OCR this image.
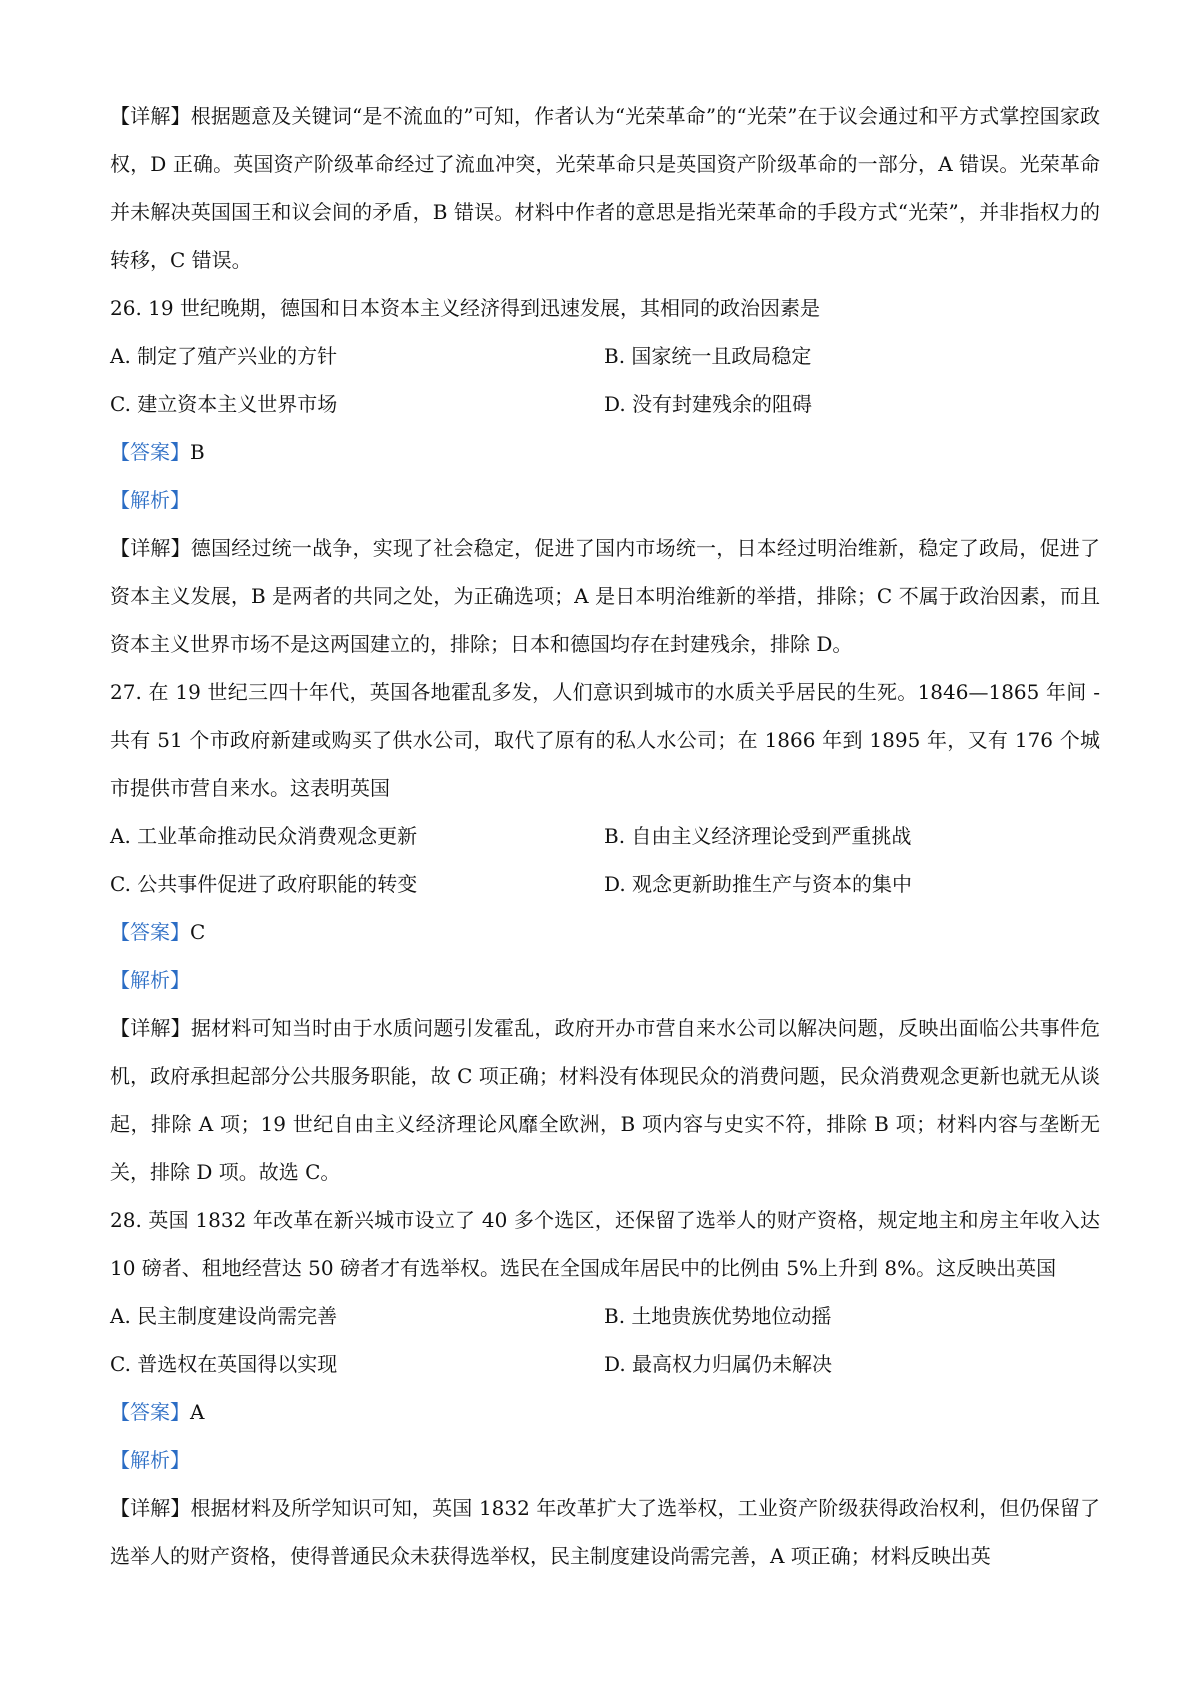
【详解】根据题意及关键词“是不流血的”可知，作者认为“光荣革命”的“光荣”在于议会通过和平方式掌控国家政权，D 正确。英国资产阶级革命经过了流血冲突，光荣革命只是英国资产阶级革命的一部分，A 错误。光荣革命并未解决英国国王和议会间的矛盾，B 错误。材料中作者的意思是指光荣革命的手段方式“光荣”，并非指权力的转移，C 错误。

26. 19 世纪晚期，德国和日本资本主义经济得到迅速发展，其相同的政治因素是

A. 制定了殖产兴业的方针	B. 国家统一且政局稳定
C. 建立资本主义世界市场	D. 没有封建残余的阻碍

【答案】B

【解析】

【详解】德国经过统一战争，实现了社会稳定，促进了国内市场统一，日本经过明治维新，稳定了政局，促进了资本主义发展，B 是两者的共同之处，为正确选项；A 是日本明治维新的举措，排除；C 不属于政治因素，而且资本主义世界市场不是这两国建立的，排除；日本和德国均存在封建残余，排除 D。

27. 在 19 世纪三四十年代，英国各地霍乱多发，人们意识到城市的水质关乎居民的生死。1846—1865 年间 -共有 51 个市政府新建或购买了供水公司，取代了原有的私人水公司；在 1866 年到 1895 年，又有 176 个城市提供市营自来水。这表明英国

A. 工业革命推动民众消费观念更新	B. 自由主义经济理论受到严重挑战
C. 公共事件促进了政府职能的转变	D. 观念更新助推生产与资本的集中

【答案】C

【解析】

【详解】据材料可知当时由于水质问题引发霍乱，政府开办市营自来水公司以解决问题，反映出面临公共事件危机，政府承担起部分公共服务职能，故 C 项正确；材料没有体现民众的消费问题，民众消费观念更新也就无从谈起，排除 A 项；19 世纪自由主义经济理论风靡全欧洲，B 项内容与史实不符，排除 B 项；材料内容与垄断无关，排除 D 项。故选 C。

28. 英国 1832 年改革在新兴城市设立了 40 多个选区，还保留了选举人的财产资格，规定地主和房主年收入达 10 磅者、租地经营达 50 磅者才有选举权。选民在全国成年居民中的比例由 5%上升到 8%。这反映出英国

A. 民主制度建设尚需完善	B. 土地贵族优势地位动摇
C. 普选权在英国得以实现	D. 最高权力归属仍未解决

【答案】A

【解析】

【详解】根据材料及所学知识可知，英国 1832 年改革扩大了选举权，工业资产阶级获得政治权利，但仍保留了选举人的财产资格，使得普通民众未获得选举权，民主制度建设尚需完善，A 项正确；材料反映出英
